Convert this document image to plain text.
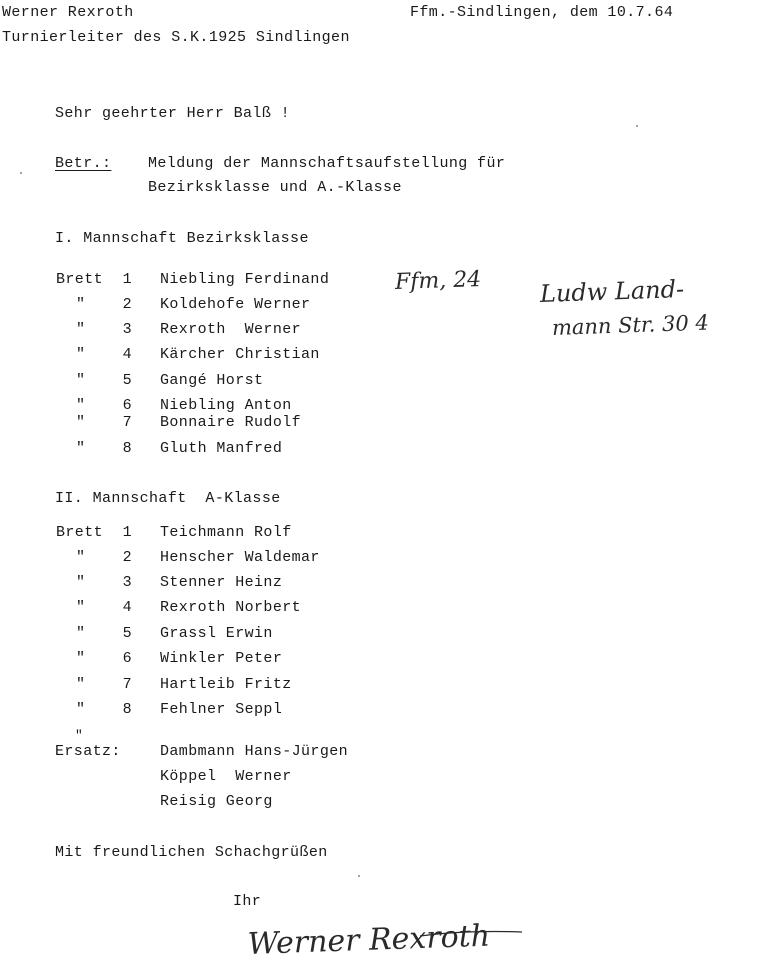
Werner Rexroth	Ffm.-Sindlingen, dem 10.7.64
Turnierleiter des S.K.1925 Sindlingen
Sehr geehrter Herr Balß !
Betr.: Meldung der Mannschaftsaufstellung für
Bezirksklasse und A.-Klasse
I. Mannschaft Bezirksklasse
Brett	1 Niebling Ferdinand
"	2 Koldehofe Werner
"	3 Rexroth  Werner
"	4 Kärcher Christian
"	5 Gangé Horst
"	6 Niebling Anton
"	7 Bonnaire Rudolf
"	8 Gluth Manfred
Ffm, 24 Ludw Land-
mann Str. 30 4
II. Mannschaft  A-Klasse
Brett	1 Teichmann Rolf
"	2 Henscher Waldemar
"	3 Stenner Heinz
"	4 Rexroth Norbert
"	5 Grassl Erwin
"	6 Winkler Peter
"	7 Hartleib Fritz
"	8 Fehlner Seppl
"
Ersatz:	Dambmann Hans-Jürgen
Köppel  Werner
Reisig Georg
Mit freundlichen Schachgrüßen
Ihr
Werner Rexroth
